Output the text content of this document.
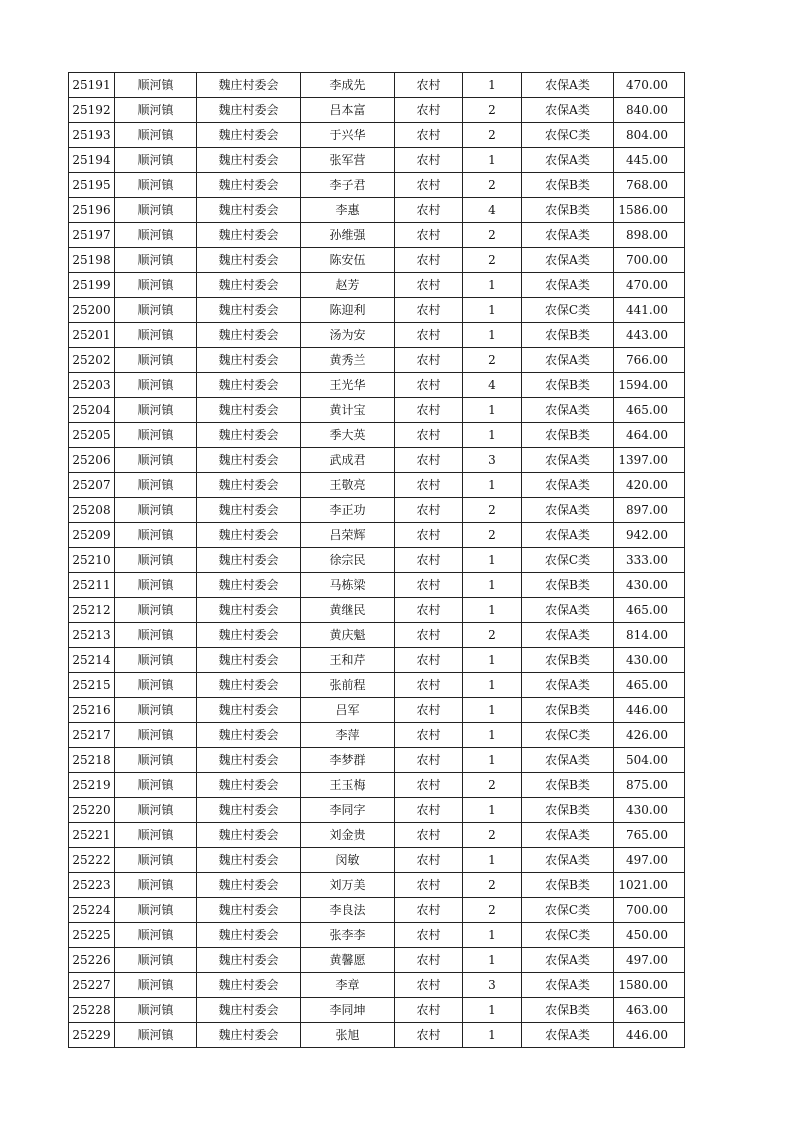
25191	顺河镇	魏庄村委会	李成先	农村	1	农保A类	470.00
25192	顺河镇	魏庄村委会	吕本富	农村	2	农保A类	840.00
25193	顺河镇	魏庄村委会	于兴华	农村	2	农保C类	804.00
25194	顺河镇	魏庄村委会	张军营	农村	1	农保A类	445.00
25195	顺河镇	魏庄村委会	李子君	农村	2	农保B类	768.00
25196	顺河镇	魏庄村委会	李惠	农村	4	农保B类	1586.00
25197	顺河镇	魏庄村委会	孙维强	农村	2	农保A类	898.00
25198	顺河镇	魏庄村委会	陈安伍	农村	2	农保A类	700.00
25199	顺河镇	魏庄村委会	赵芳	农村	1	农保A类	470.00
25200	顺河镇	魏庄村委会	陈迎利	农村	1	农保C类	441.00
25201	顺河镇	魏庄村委会	汤为安	农村	1	农保B类	443.00
25202	顺河镇	魏庄村委会	黄秀兰	农村	2	农保A类	766.00
25203	顺河镇	魏庄村委会	王光华	农村	4	农保B类	1594.00
25204	顺河镇	魏庄村委会	黄计宝	农村	1	农保A类	465.00
25205	顺河镇	魏庄村委会	季大英	农村	1	农保B类	464.00
25206	顺河镇	魏庄村委会	武成君	农村	3	农保A类	1397.00
25207	顺河镇	魏庄村委会	王敬亮	农村	1	农保A类	420.00
25208	顺河镇	魏庄村委会	李正功	农村	2	农保A类	897.00
25209	顺河镇	魏庄村委会	吕荣辉	农村	2	农保A类	942.00
25210	顺河镇	魏庄村委会	徐宗民	农村	1	农保C类	333.00
25211	顺河镇	魏庄村委会	马栋梁	农村	1	农保B类	430.00
25212	顺河镇	魏庄村委会	黄继民	农村	1	农保A类	465.00
25213	顺河镇	魏庄村委会	黄庆魁	农村	2	农保A类	814.00
25214	顺河镇	魏庄村委会	王和芹	农村	1	农保B类	430.00
25215	顺河镇	魏庄村委会	张前程	农村	1	农保A类	465.00
25216	顺河镇	魏庄村委会	吕军	农村	1	农保B类	446.00
25217	顺河镇	魏庄村委会	李萍	农村	1	农保C类	426.00
25218	顺河镇	魏庄村委会	李梦群	农村	1	农保A类	504.00
25219	顺河镇	魏庄村委会	王玉梅	农村	2	农保B类	875.00
25220	顺河镇	魏庄村委会	李同字	农村	1	农保B类	430.00
25221	顺河镇	魏庄村委会	刘金贵	农村	2	农保A类	765.00
25222	顺河镇	魏庄村委会	闵敏	农村	1	农保A类	497.00
25223	顺河镇	魏庄村委会	刘万美	农村	2	农保B类	1021.00
25224	顺河镇	魏庄村委会	李良法	农村	2	农保C类	700.00
25225	顺河镇	魏庄村委会	张李李	农村	1	农保C类	450.00
25226	顺河镇	魏庄村委会	黄馨愿	农村	1	农保A类	497.00
25227	顺河镇	魏庄村委会	李章	农村	3	农保A类	1580.00
25228	顺河镇	魏庄村委会	李同坤	农村	1	农保B类	463.00
25229	顺河镇	魏庄村委会	张旭	农村	1	农保A类	446.00
